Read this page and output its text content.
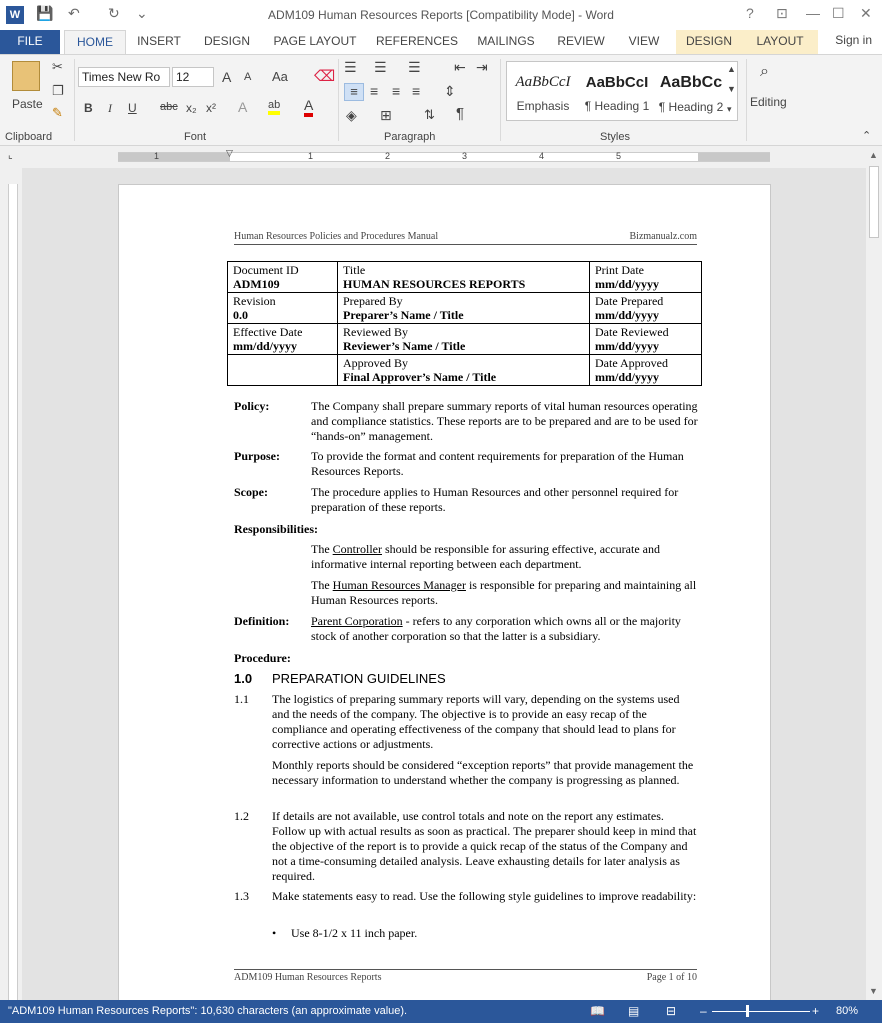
W 💾 ↶ ↻ ⌄	ADM109 Human Resources Reports [Compatibility Mode] - Word	? ⊡ — ☐ ✕
FILE	HOME	INSERT	DESIGN	PAGE LAYOUT	REFERENCES	MAILINGS	REVIEW	VIEW	DESIGN	LAYOUT	Sign in
Paste
✂
❐
✎
Clipboard
Times New Ro	12	A A Aa ⌫
B I U abc x₂ x² A ab A
Font
☰ ☰ ☰ ⇤ ⇥
≡ ≡ ≡ ≡ ⇕
◈ ⊞ ⇅ ¶
Paragraph
AaBbCcI
Emphasis
AaBbCcI
¶ Heading 1
AaBbCc
¶ Heading 2
▲
▼
▾
Styles
⌕
Editing
⌃
1	1	2	3	4	5
▽
⌞
Human Resources Policies and Procedures Manual	Bizmanualz.com
Document ID
ADM109	Title
HUMAN RESOURCES REPORTS	Print Date
mm/dd/yyyy

Revision
0.0	Prepared By
Preparer’s Name / Title	Date Prepared
mm/dd/yyyy

Effective Date
mm/dd/yyyy	Reviewed By
Reviewer’s Name / Title	Date Reviewed
mm/dd/yyyy

	Approved By
Final Approver’s Name / Title	Date Approved
mm/dd/yyyy
Policy:	The Company shall prepare summary reports of vital human resources operating and compliance statistics. These reports are to be prepared and are to be used for “hands-on” management.
Purpose:	To provide the format and content requirements for preparation of the Human Resources Reports.
Scope:	The procedure applies to Human Resources and other personnel required for preparation of these reports.
Responsibilities:
The Controller should be responsible for assuring effective, accurate and informative internal reporting between each department.
The Human Resources Manager is responsible for preparing and maintaining all Human Resources reports.
Definition: Parent Corporation - refers to any corporation which owns all or the majority stock of another corporation so that the latter is a subsidiary.
Procedure:
1.0 PREPARATION GUIDELINES
1.1 The logistics of preparing summary reports will vary, depending on the systems used and the needs of the company. The objective is to provide an easy recap of the compliance and operating effectiveness of the company that should lead to plans for corrective actions or adjustments.
Monthly reports should be considered “exception reports” that provide management the necessary information to understand whether the company is progressing as planned.
1.2 If details are not available, use control totals and note on the report any estimates. Follow up with actual results as soon as practical. The preparer should keep in mind that the objective of the report is to provide a quick recap of the status of the Company and not a time-consuming detailed analysis. Leave exhausting details for later analysis as required.
1.3 Make statements easy to read. Use the following style guidelines to improve readability:
• Use 8-1/2 x 11 inch paper.
ADM109 Human Resources Reports	Page 1 of 10
▲
▼
"ADM109 Human Resources Reports": 10,630 characters (an approximate value).	📖 ▤ ⊟ –	+ 80%
